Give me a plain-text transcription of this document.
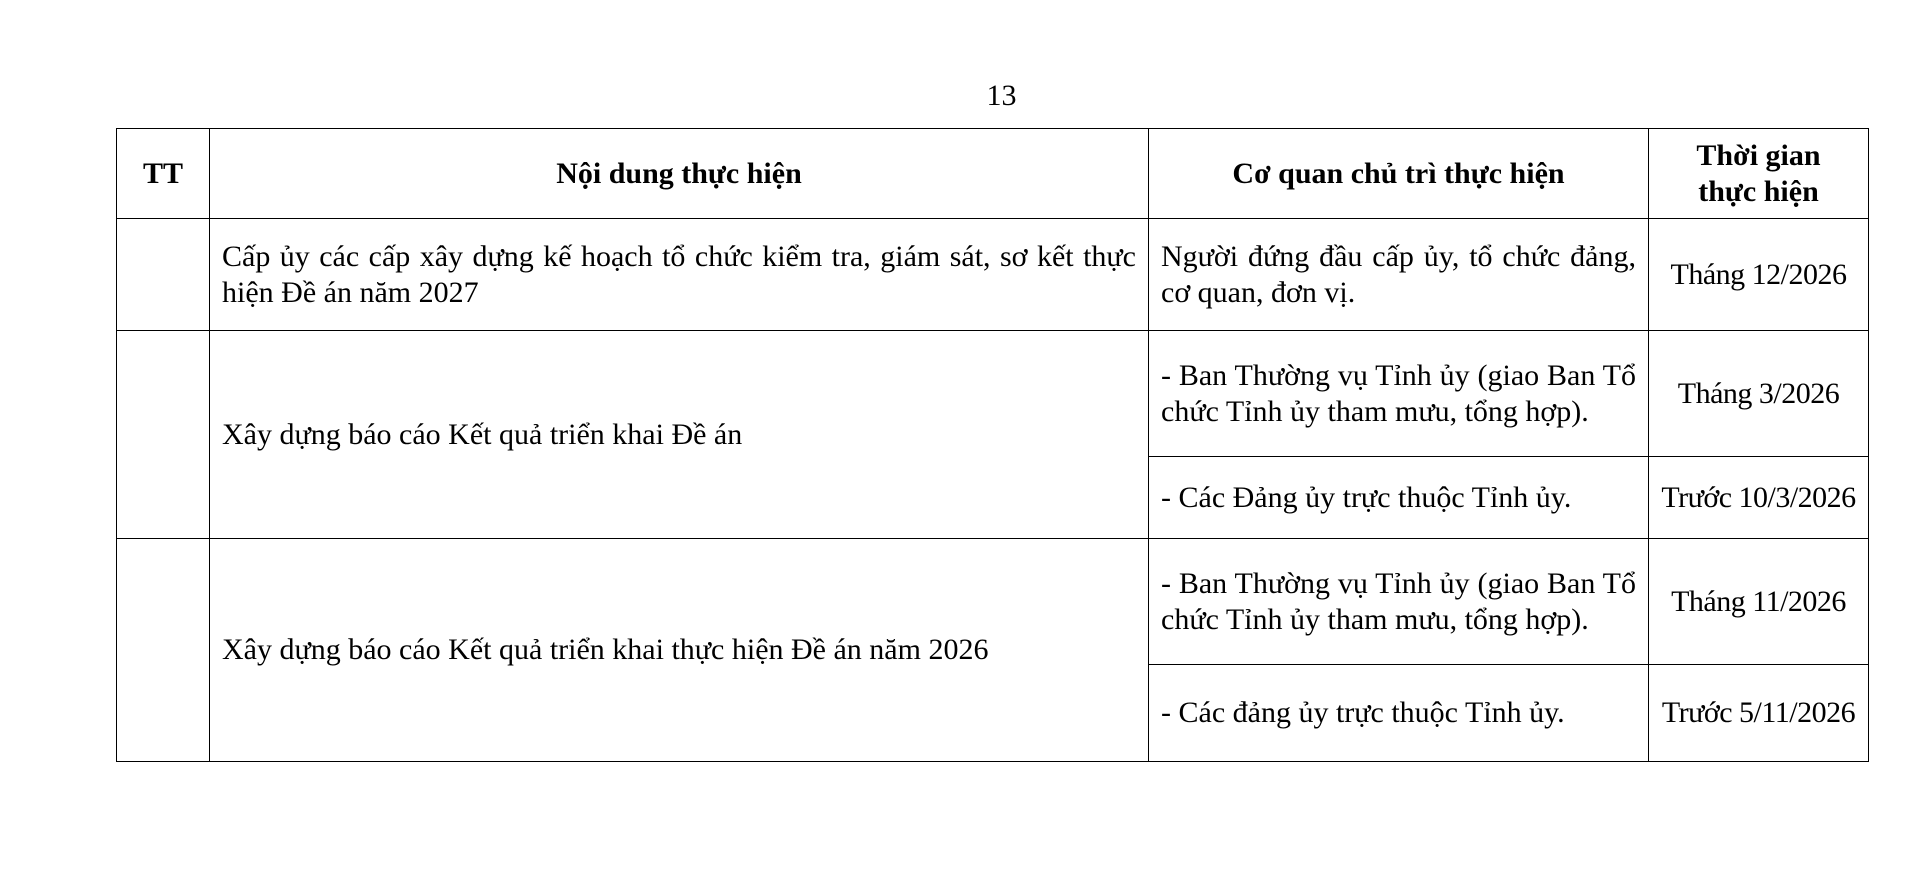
13
TT	Nội dung thực hiện	Cơ quan chủ trì thực hiện	Thời gian
thực hiện
	Cấp ủy các cấp xây dựng kế hoạch tổ chức kiểm tra, giám sát, sơ kết thực hiện Đề án năm 2027	Người đứng đầu cấp ủy, tổ chức đảng, cơ quan, đơn vị.	Tháng 12/2026
	Xây dựng báo cáo Kết quả triển khai Đề án	- Ban Thường vụ Tỉnh ủy (giao Ban Tổ chức Tỉnh ủy tham mưu, tổng hợp).	Tháng 3/2026
		- Các Đảng ủy trực thuộc Tỉnh ủy.	Trước 10/3/2026
	Xây dựng báo cáo Kết quả triển khai thực hiện Đề án năm 2026	- Ban Thường vụ Tỉnh ủy (giao Ban Tổ chức Tỉnh ủy tham mưu, tổng hợp).	Tháng 11/2026
		- Các đảng ủy trực thuộc Tỉnh ủy.	Trước 5/11/2026
